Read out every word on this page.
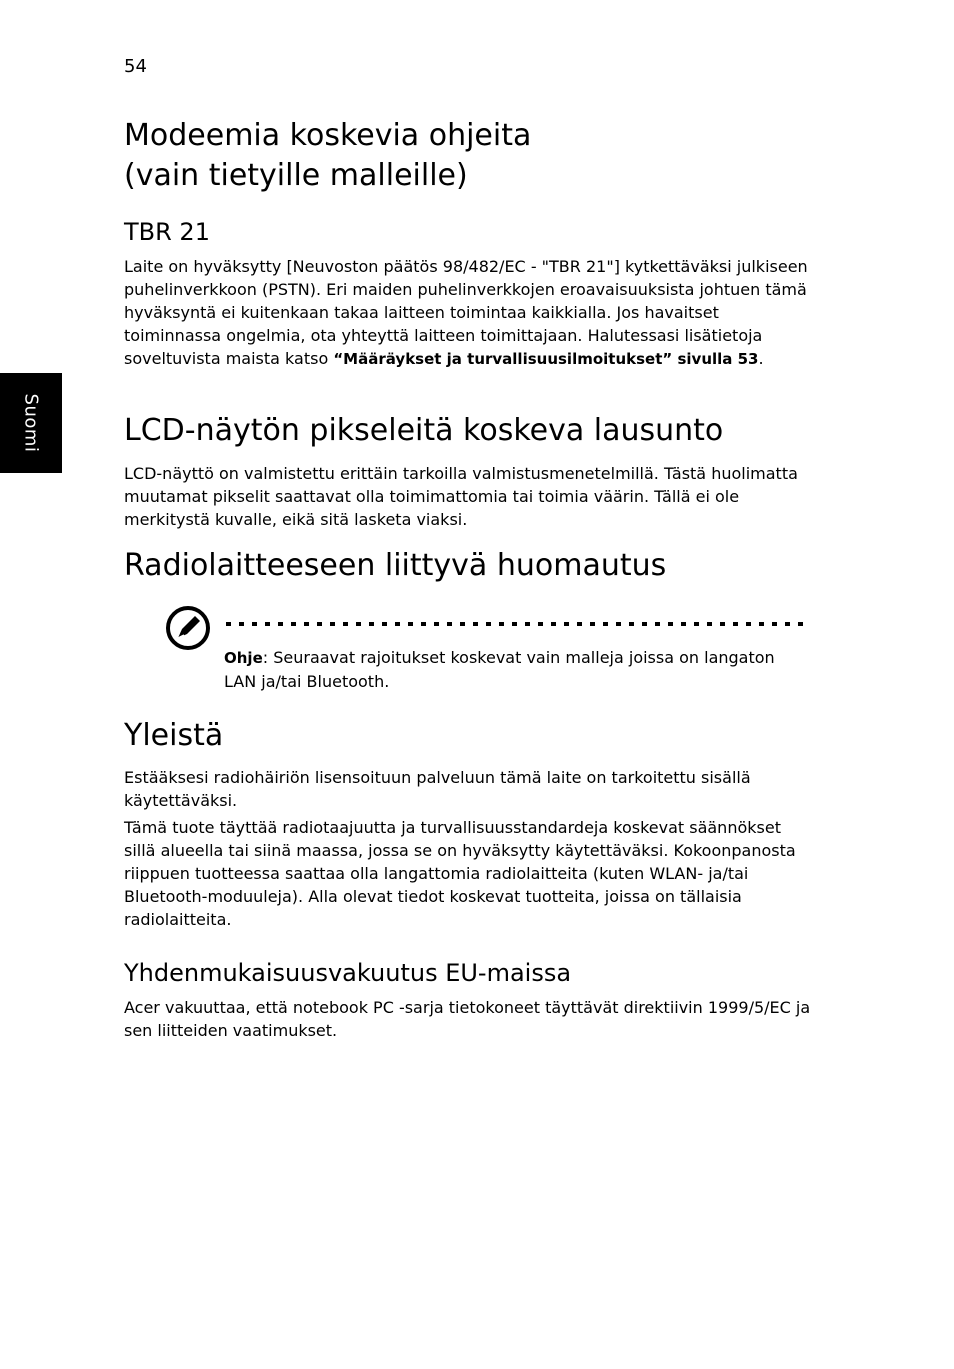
54
Suomi
Modeemia koskevia ohjeita
(vain tietyille malleille)
TBR 21

Laite on hyväksytty [Neuvoston päätös 98/482/EC - "TBR 21"] kytkettäväksi julkiseen puhelinverkkoon (PSTN). Eri maiden puhelinverkkojen eroavaisuuksista johtuen tämä hyväksyntä ei kuitenkaan takaa laitteen toimintaa kaikkialla. Jos havaitset toiminnassa ongelmia, ota yhteyttä laitteen toimittajaan. Halutessasi lisätietoja soveltuvista maista katso “Määräykset ja turvallisuusilmoitukset” sivulla 53.

LCD-näytön pikseleitä koskeva lausunto

LCD-näyttö on valmistettu erittäin tarkoilla valmistusmenetelmillä. Tästä huolimatta muutamat pikselit saattavat olla toimimattomia tai toimia väärin. Tällä ei ole merkitystä kuvalle, eikä sitä lasketa viaksi.

Radiolaitteeseen liittyvä huomautus

Ohje: Seuraavat rajoitukset koskevat vain malleja joissa on langaton LAN ja/tai Bluetooth.

Yleistä

Estääksesi radiohäiriön lisensoituun palveluun tämä laite on tarkoitettu sisällä käytettäväksi.

Tämä tuote täyttää radiotaajuutta ja turvallisuusstandardeja koskevat säännökset sillä alueella tai siinä maassa, jossa se on hyväksytty käytettäväksi. Kokoonpanosta riippuen tuotteessa saattaa olla langattomia radiolaitteita (kuten WLAN- ja/tai Bluetooth-moduuleja). Alla olevat tiedot koskevat tuotteita, joissa on tällaisia radiolaitteita.

Yhdenmukaisuusvakuutus EU-maissa

Acer vakuuttaa, että notebook PC -sarja tietokoneet täyttävät direktiivin 1999/5/EC ja sen liitteiden vaatimukset.
